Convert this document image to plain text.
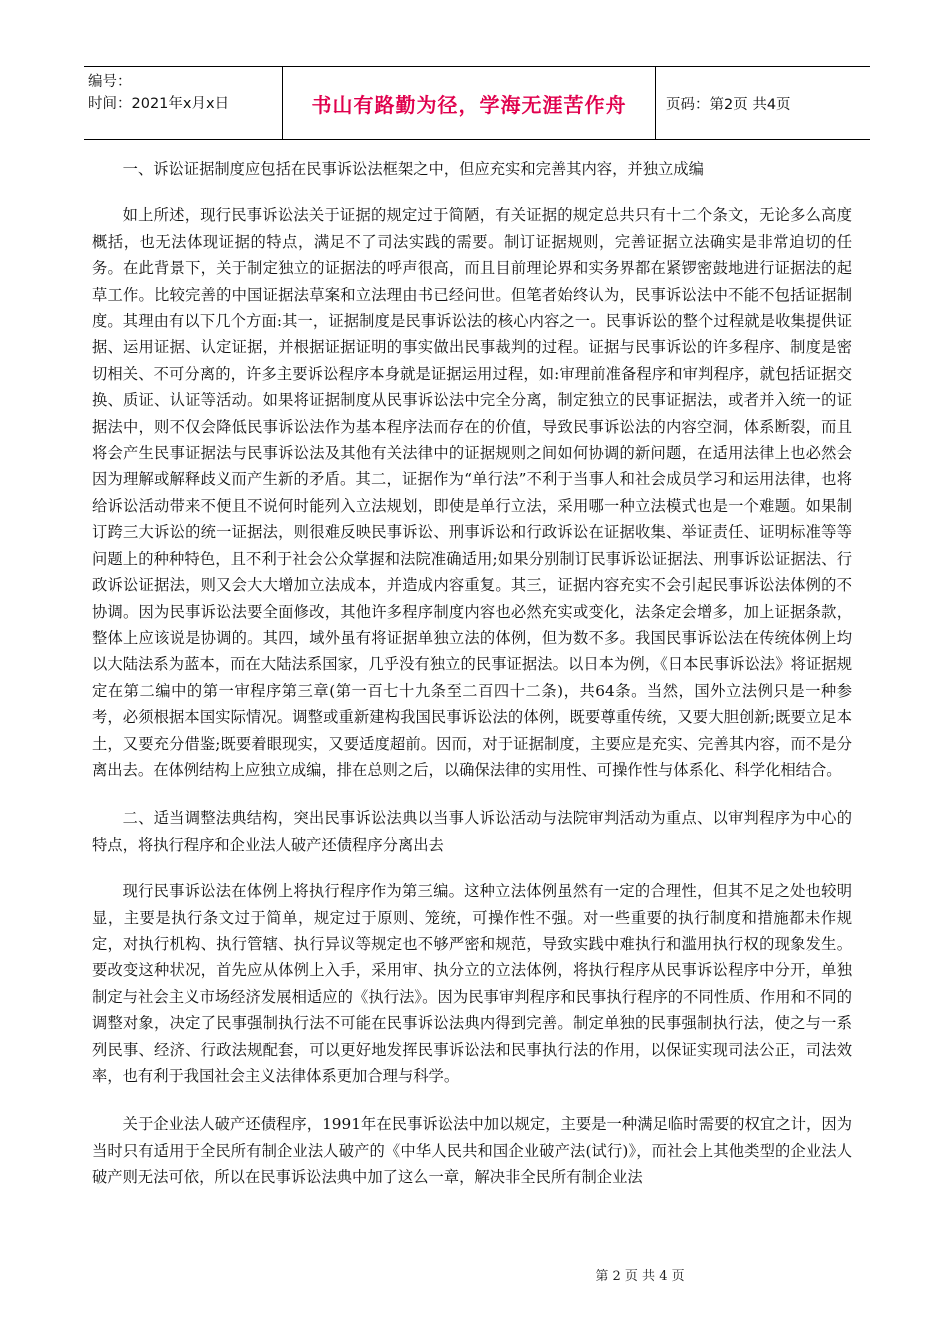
编号：
时间：2021年x月x日	书山有路勤为径，学海无涯苦作舟	页码：第2页 共4页

一、诉讼证据制度应包括在民事诉讼法框架之中，但应充实和完善其内容，并独立成编

如上所述，现行民事诉讼法关于证据的规定过于简陋，有关证据的规定总共只有十二个条文，无论多么高度概括，也无法体现证据的特点，满足不了司法实践的需要。制订证据规则，完善证据立法确实是非常迫切的任务。在此背景下，关于制定独立的证据法的呼声很高，而且目前理论界和实务界都在紧锣密鼓地进行证据法的起草工作。比较完善的中国证据法草案和立法理由书已经问世。但笔者始终认为，民事诉讼法中不能不包括证据制度。其理由有以下几个方面:其一，证据制度是民事诉讼法的核心内容之一。民事诉讼的整个过程就是收集提供证据、运用证据、认定证据，并根据证据证明的事实做出民事裁判的过程。证据与民事诉讼的许多程序、制度是密切相关、不可分离的，许多主要诉讼程序本身就是证据运用过程，如:审理前准备程序和审判程序，就包括证据交换、质证、认证等活动。如果将证据制度从民事诉讼法中完全分离，制定独立的民事证据法，或者并入统一的证据法中，则不仅会降低民事诉讼法作为基本程序法而存在的价值，导致民事诉讼法的内容空洞，体系断裂，而且将会产生民事证据法与民事诉讼法及其他有关法律中的证据规则之间如何协调的新问题，在适用法律上也必然会因为理解或解释歧义而产生新的矛盾。其二，证据作为“单行法”不利于当事人和社会成员学习和运用法律，也将给诉讼活动带来不便且不说何时能列入立法规划，即使是单行立法，采用哪一种立法模式也是一个难题。如果制订跨三大诉讼的统一证据法，则很难反映民事诉讼、刑事诉讼和行政诉讼在证据收集、举证责任、证明标准等等问题上的种种特色，且不利于社会公众掌握和法院准确适用;如果分别制订民事诉讼证据法、刑事诉讼证据法、行政诉讼证据法，则又会大大增加立法成本，并造成内容重复。其三，证据内容充实不会引起民事诉讼法体例的不协调。因为民事诉讼法要全面修改，其他许多程序制度内容也必然充实或变化，法条定会增多，加上证据条款，整体上应该说是协调的。其四，域外虽有将证据单独立法的体例，但为数不多。我国民事诉讼法在传统体例上均以大陆法系为蓝本，而在大陆法系国家，几乎没有独立的民事证据法。以日本为例，《日本民事诉讼法》将证据规定在第二编中的第一审程序第三章(第一百七十九条至二百四十二条)，共64条。当然，国外立法例只是一种参考，必须根据本国实际情况。调整或重新建构我国民事诉讼法的体例，既要尊重传统，又要大胆创新;既要立足本土，又要充分借鉴;既要着眼现实，又要适度超前。因而，对于证据制度，主要应是充实、完善其内容，而不是分离出去。在体例结构上应独立成编，排在总则之后，以确保法律的实用性、可操作性与体系化、科学化相结合。

二、适当调整法典结构，突出民事诉讼法典以当事人诉讼活动与法院审判活动为重点、以审判程序为中心的特点，将执行程序和企业法人破产还债程序分离出去

现行民事诉讼法在体例上将执行程序作为第三编。这种立法体例虽然有一定的合理性，但其不足之处也较明显，主要是执行条文过于简单，规定过于原则、笼统，可操作性不强。对一些重要的执行制度和措施都未作规定，对执行机构、执行管辖、执行异议等规定也不够严密和规范，导致实践中难执行和滥用执行权的现象发生。要改变这种状况，首先应从体例上入手，采用审、执分立的立法体例，将执行程序从民事诉讼程序中分开，单独制定与社会主义市场经济发展相适应的《执行法》。因为民事审判程序和民事执行程序的不同性质、作用和不同的调整对象，决定了民事强制执行法不可能在民事诉讼法典内得到完善。制定单独的民事强制执行法，使之与一系列民事、经济、行政法规配套，可以更好地发挥民事诉讼法和民事执行法的作用，以保证实现司法公正，司法效率，也有利于我国社会主义法律体系更加合理与科学。

关于企业法人破产还债程序，1991年在民事诉讼法中加以规定，主要是一种满足临时需要的权宜之计，因为当时只有适用于全民所有制企业法人破产的《中华人民共和国企业破产法(试行)》，而社会上其他类型的企业法人破产则无法可依，所以在民事诉讼法典中加了这么一章，解决非全民所有制企业法

第 2 页 共 4 页
